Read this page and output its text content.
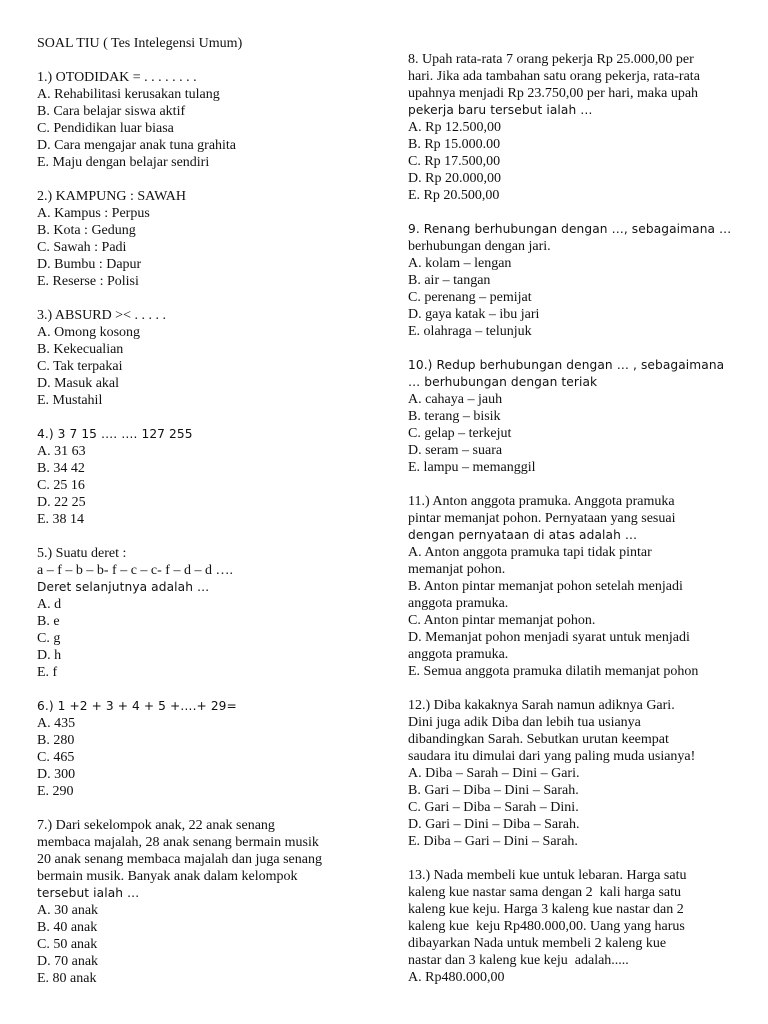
SOAL TIU ( Tes Intelegensi Umum)
1.) OTODIDAK = . . . . . . . .
A. Rehabilitasi kerusakan tulang
B. Cara belajar siswa aktif
C. Pendidikan luar biasa
D. Cara mengajar anak tuna grahita
E. Maju dengan belajar sendiri
2.) KAMPUNG : SAWAH
A. Kampus : Perpus
B. Kota : Gedung
C. Sawah : Padi
D. Bumbu : Dapur
E. Reserse : Polisi
3.) ABSURD >< . . . . .
A. Omong kosong
B. Kekecualian
C. Tak terpakai
D. Masuk akal
E. Mustahil
4.) 3 7 15 …. …. 127 255
A. 31 63
B. 34 42
C. 25 16
D. 22 25
E. 38 14
5.) Suatu deret :
a – f – b – b- f – c – c- f – d – d ….
Deret selanjutnya adalah …
A. d
B. e
C. g
D. h
E. f
6.) 1 +2 + 3 + 4 + 5 +….+ 29=
A. 435
B. 280
C. 465
D. 300
E. 290
7.) Dari sekelompok anak, 22 anak senang
membaca majalah, 28 anak senang bermain musik
20 anak senang membaca majalah dan juga senang
bermain musik. Banyak anak dalam kelompok
tersebut ialah …
A. 30 anak
B. 40 anak
C. 50 anak
D. 70 anak
E. 80 anak
8. Upah rata-rata 7 orang pekerja Rp 25.000,00 per
hari. Jika ada tambahan satu orang pekerja, rata-rata
upahnya menjadi Rp 23.750,00 per hari, maka upah
pekerja baru tersebut ialah …
A. Rp 12.500,00
B. Rp 15.000.00
C. Rp 17.500,00
D. Rp 20.000,00
E. Rp 20.500,00
9. Renang berhubungan dengan …, sebagaimana …
berhubungan dengan jari.
A. kolam – lengan
B. air – tangan
C. perenang – pemijat
D. gaya katak – ibu jari
E. olahraga – telunjuk
10.) Redup berhubungan dengan … , sebagaimana
… berhubungan dengan teriak
A. cahaya – jauh
B. terang – bisik
C. gelap – terkejut
D. seram – suara
E. lampu – memanggil
11.) Anton anggota pramuka. Anggota pramuka
pintar memanjat pohon. Pernyataan yang sesuai
dengan pernyataan di atas adalah …
A. Anton anggota pramuka tapi tidak pintar
memanjat pohon.
B. Anton pintar memanjat pohon setelah menjadi
anggota pramuka.
C. Anton pintar memanjat pohon.
D. Memanjat pohon menjadi syarat untuk menjadi
anggota pramuka.
E. Semua anggota pramuka dilatih memanjat pohon
12.) Diba kakaknya Sarah namun adiknya Gari.
Dini juga adik Diba dan lebih tua usianya
dibandingkan Sarah. Sebutkan urutan keempat
saudara itu dimulai dari yang paling muda usianya!
A. Diba – Sarah – Dini – Gari.
B. Gari – Diba – Dini – Sarah.
C. Gari – Diba – Sarah – Dini.
D. Gari – Dini – Diba – Sarah.
E. Diba – Gari – Dini – Sarah.
13.) Nada membeli kue untuk lebaran. Harga satu
kaleng kue nastar sama dengan 2  kali harga satu
kaleng kue keju. Harga 3 kaleng kue nastar dan 2
kaleng kue  keju Rp480.000,00. Uang yang harus
dibayarkan Nada untuk membeli 2 kaleng kue
nastar dan 3 kaleng kue keju  adalah.....
A. Rp480.000,00
